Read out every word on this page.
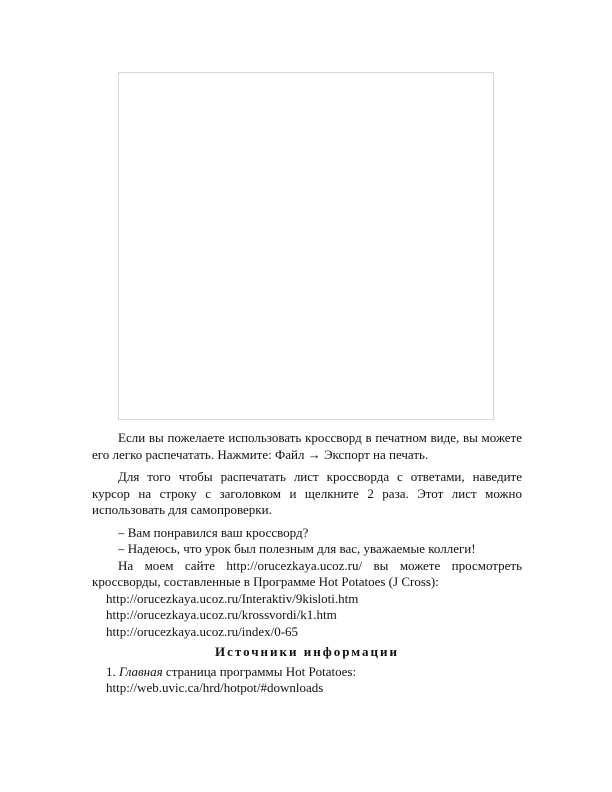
Если вы пожелаете использовать кроссворд в печатном виде, вы можете его легко распечатать. Нажмите: Файл → Экспорт на печать.

Для того чтобы распечатать лист кроссворда с ответами, наведите курсор на строку с заголовком и щелкните 2 раза. Этот лист можно использовать для самопроверки.

– Вам понравился ваш кроссворд?

– Надеюсь, что урок был полезным для вас, уважаемые коллеги!

На моем сайте http://orucezkaya.ucoz.ru/ вы можете просмотреть кроссворды, составленные в Программе Hot Potatoes (J Cross):

http://orucezkaya.ucoz.ru/Interaktiv/9kisloti.htm

http://orucezkaya.ucoz.ru/krossvordi/k1.htm

http://orucezkaya.ucoz.ru/index/0-65

Источники информации

1. Главная страница программы Hot Potatoes:

http://web.uvic.ca/hrd/hotpot/#downloads
